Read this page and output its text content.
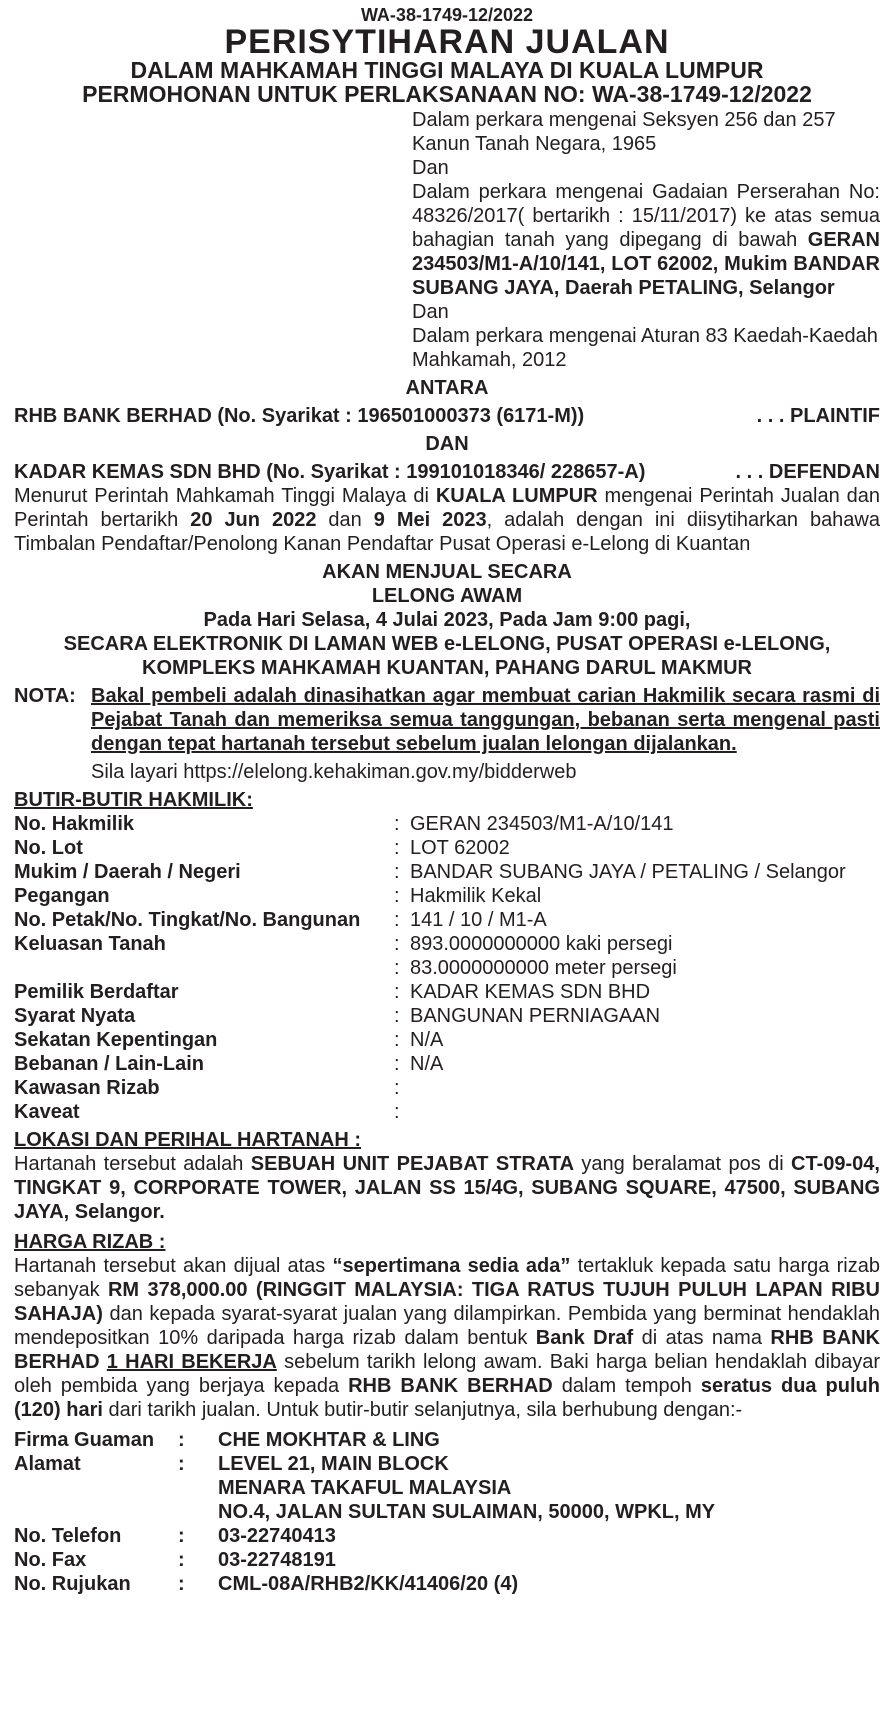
WA-38-1749-12/2022
PERISYTIHARAN JUALAN
DALAM MAHKAMAH TINGGI MALAYA DI KUALA LUMPUR
PERMOHONAN UNTUK PERLAKSANAAN NO: WA-38-1749-12/2022

Dalam perkara mengenai Seksyen 256 dan 257 Kanun Tanah Negara, 1965

Dan

Dalam perkara mengenai Gadaian Perserahan No: 48326/2017( bertarikh : 15/11/2017) ke atas semua bahagian tanah yang dipegang di bawah GERAN 234503/M1-A/10/141, LOT 62002, Mukim BANDAR SUBANG JAYA, Daerah PETALING, Selangor

Dan

Dalam perkara mengenai Aturan 83 Kaedah-Kaedah Mahkamah, 2012

ANTARA
RHB BANK BERHAD (No. Syarikat : 196501000373 (6171-M))	. . . PLAINTIF
DAN
KADAR KEMAS SDN BHD (No. Syarikat : 199101018346/ 228657-A)	. . . DEFENDAN

Menurut Perintah Mahkamah Tinggi Malaya di KUALA LUMPUR mengenai Perintah Jualan dan Perintah bertarikh 20 Jun 2022 dan 9 Mei 2023, adalah dengan ini diisytiharkan bahawa Timbalan Pendaftar/Penolong Kanan Pendaftar Pusat Operasi e-Lelong di Kuantan

AKAN MENJUAL SECARA
LELONG AWAM
Pada Hari Selasa, 4 Julai 2023, Pada Jam 9:00 pagi,
SECARA ELEKTRONIK DI LAMAN WEB e-LELONG, PUSAT OPERASI e-LELONG,
KOMPLEKS MAHKAMAH KUANTAN, PAHANG DARUL MAKMUR
NOTA: Bakal pembeli adalah dinasihatkan agar membuat carian Hakmilik secara rasmi di Pejabat Tanah dan memeriksa semua tanggungan, bebanan serta mengenal pasti dengan tepat hartanah tersebut sebelum jualan lelongan dijalankan.
Sila layari https://elelong.kehakiman.gov.my/bidderweb
BUTIR-BUTIR HAKMILIK:
No. Hakmilik	: GERAN 234503/M1-A/10/141
No. Lot	: LOT 62002
Mukim / Daerah / Negeri	: BANDAR SUBANG JAYA / PETALING / Selangor
Pegangan	: Hakmilik Kekal
No. Petak/No. Tingkat/No. Bangunan	: 141 / 10 / M1-A
Keluasan Tanah	: 893.0000000000 kaki persegi
: 83.0000000000 meter persegi
Pemilik Berdaftar	: KADAR KEMAS SDN BHD
Syarat Nyata	: BANGUNAN PERNIAGAAN
Sekatan Kepentingan	: N/A
Bebanan / Lain-Lain	: N/A
Kawasan Rizab	:
Kaveat	:
LOKASI DAN PERIHAL HARTANAH :

Hartanah tersebut adalah SEBUAH UNIT PEJABAT STRATA yang beralamat pos di CT-09-04, TINGKAT 9, CORPORATE TOWER, JALAN SS 15/4G, SUBANG SQUARE, 47500, SUBANG JAYA, Selangor.

HARGA RIZAB :

Hartanah tersebut akan dijual atas “sepertimana sedia ada” tertakluk kepada satu harga rizab sebanyak RM 378,000.00 (RINGGIT MALAYSIA: TIGA RATUS TUJUH PULUH LAPAN RIBU SAHAJA) dan kepada syarat-syarat jualan yang dilampirkan. Pembida yang berminat hendaklah mendepositkan 10% daripada harga rizab dalam bentuk Bank Draf di atas nama RHB BANK BERHAD 1 HARI BEKERJA sebelum tarikh lelong awam. Baki harga belian hendaklah dibayar oleh pembida yang berjaya kepada RHB BANK BERHAD dalam tempoh seratus dua puluh (120) hari dari tarikh jualan. Untuk butir-butir selanjutnya, sila berhubung dengan:-

Firma Guaman	:	CHE MOKHTAR & LING
Alamat	:	LEVEL 21, MAIN BLOCK
MENARA TAKAFUL MALAYSIA
NO.4, JALAN SULTAN SULAIMAN, 50000, WPKL, MY
No. Telefon	:	03-22740413
No. Fax	:	03-22748191
No. Rujukan	:	CML-08A/RHB2/KK/41406/20 (4)
